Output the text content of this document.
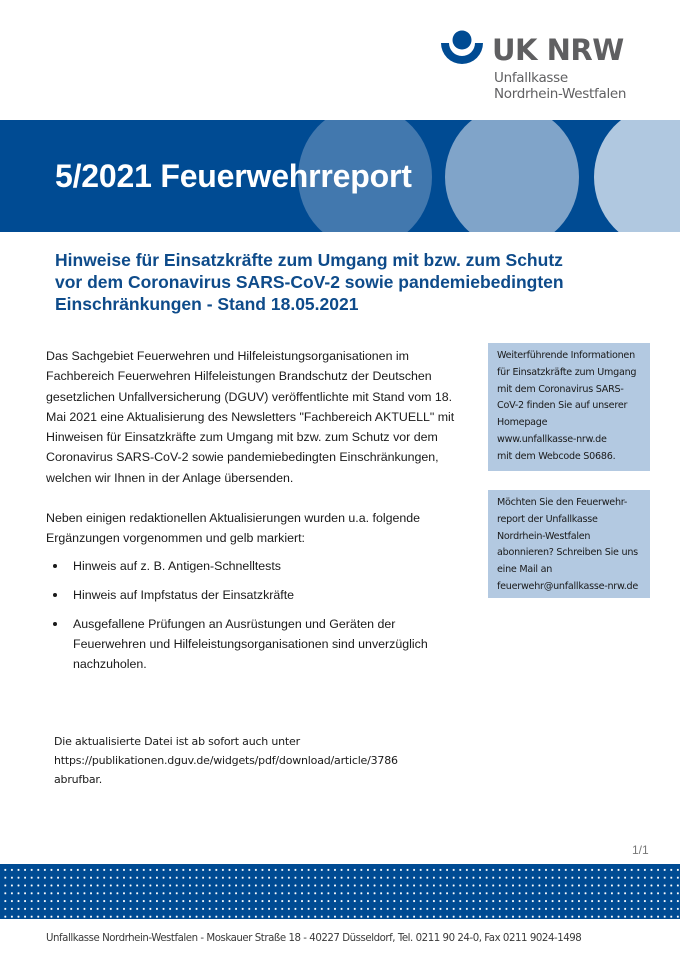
UK NRW
Unfallkasse
Nordrhein-Westfalen
5/2021 Feuerwehrreport
Hinweise für Einsatzkräfte zum Umgang mit bzw. zum Schutz
vor dem Coronavirus SARS-CoV-2 sowie pandemiebedingten
Einschränkungen - Stand 18.05.2021

Das Sachgebiet Feuerwehren und Hilfeleistungsorganisationen im Fachbereich Feuerwehren Hilfeleistungen Brandschutz der Deutschen gesetzlichen Unfallversicherung (DGUV) veröffentlichte mit Stand vom 18. Mai 2021 eine Aktualisierung des Newsletters "Fachbereich AKTUELL" mit Hinweisen für Einsatzkräfte zum Umgang mit bzw. zum Schutz vor dem Coronavirus SARS-CoV-2 sowie pandemiebedingten Einschränkungen, welchen wir Ihnen in der Anlage übersenden.

Neben einigen redaktionellen Aktualisierungen wurden u.a. folgende Ergänzungen vorgenommen und gelb markiert:

Hinweis auf z. B. Antigen-Schnelltests
Hinweis auf Impfstatus der Einsatzkräfte
Ausgefallene Prüfungen an Ausrüstungen und Geräten der Feuerwehren und Hilfeleistungsorganisationen sind unverzüglich nachzuholen.
Die aktualisierte Datei ist ab sofort auch unter
https://publikationen.dguv.de/widgets/pdf/download/article/3786
abrufbar.
Weiterführende Informationen
für Einsatzkräfte zum Umgang
mit dem Coronavirus SARS-
CoV-2 finden Sie auf unserer
Homepage
www.unfallkasse-nrw.de
mit dem Webcode S0686.
Möchten Sie den Feuerwehr-
report der Unfallkasse
Nordrhein-Westfalen
abonnieren? Schreiben Sie uns
eine Mail an
feuerwehr@unfallkasse-nrw.de
1/1
Unfallkasse Nordrhein-Westfalen - Moskauer Straße 18 - 40227 Düsseldorf, Tel. 0211 90 24-0, Fax 0211 9024-1498
